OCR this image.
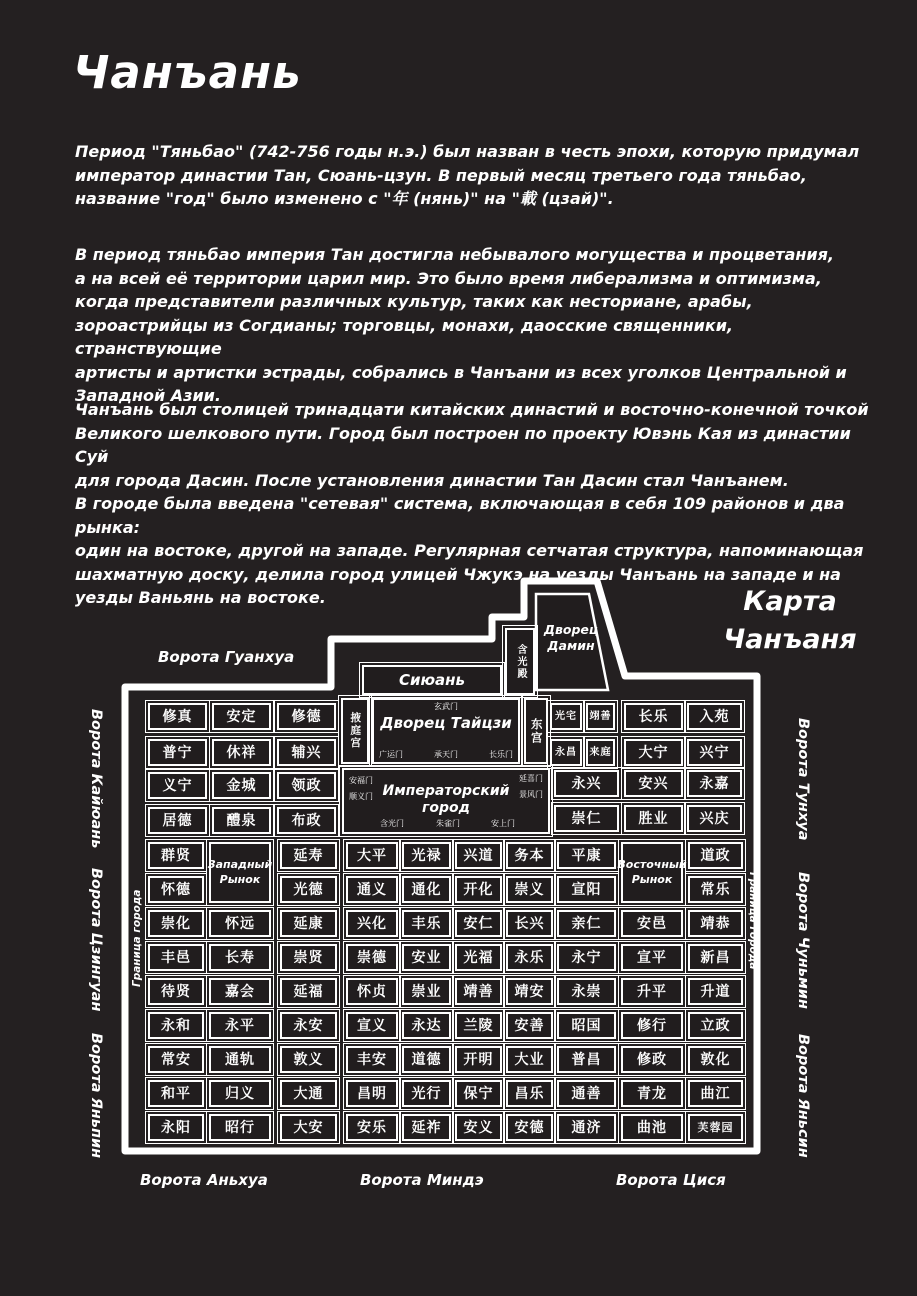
Чанъань
Период "Тяньбао" (742-756 годы н.э.) был назван в честь эпохи, которую придумал
император династии Тан, Сюань-цзун. В первый месяц третьего года тяньбао,
название "год" было изменено с "年 (нянь)" на "載 (цзай)".
В период тяньбао империя Тан достигла небывалого могущества и процветания,
а на всей её территории царил мир. Это было время либерализма и оптимизма,
когда представители различных культур, таких как несториане, арабы,
зороастрийцы из Согдианы; торговцы, монахи, даосские священники, странствующие
артисты и артистки эстрады, собрались в Чанъани из всех уголков Центральной и
Западной Азии.
Чанъань был столицей тринадцати китайских династий и восточно-конечной точкой
Великого шелкового пути. Город был построен по проекту Ювэнь Кая из династии Суй
для города Дасин. После установления династии Тан Дасин стал Чанъанем.
В городе была введена "сетевая" система, включающая в себя 109 районов и два рынка:
один на востоке, другой на западе. Регулярная сетчатая структура, напоминающая
шахматную доску, делила город улицей Чжукэ на уезды Чанъань на западе и на
уезды Ваньянь на востоке.	Карта
Чанъаня
Ворота Гуанхуа
Ворота Кайюань
Ворота Цзингуан
Ворота Яньпин
Ворота Тунхуа
Ворота Чуньмин
Ворота Яньсин
Ворота Аньхуа	Ворота Миндэ	Ворота Цися
Граница города	Граница города
Дворец
Дамин
含光殿
Сиюань
掖庭宫
玄武门
Дворец Тайцзи
广运门	承天门	长乐门
东宫
安福门
顺义门
延喜门
景风门
Императорский
город
含光门	朱雀门	安上门
Западный
Рынок
Восточный
Рынок
修真	安定	修德
普宁	休祥	辅兴
义宁	金城	领政
居德	醴泉	布政
光宅	翊善	长乐	入苑
永昌	来庭	大宁	兴宁
永兴	安兴	永嘉
崇仁	胜业	兴庆
群贤	延寿	大平	光禄	兴道	务本	平康	道政
怀德	光德	通义	通化	开化	崇义	宣阳	常乐
崇化	怀远	延康	兴化	丰乐	安仁	长兴	亲仁	安邑	靖恭
丰邑	长寿	崇贤	崇德	安业	光福	永乐	永宁	宣平	新昌
待贤	嘉会	延福	怀贞	崇业	靖善	靖安	永崇	升平	升道
永和	永平	永安	宣义	永达	兰陵	安善	昭国	修行	立政
常安	通轨	敦义	丰安	道德	开明	大业	普昌	修政	敦化
和平	归义	大通	昌明	光行	保宁	昌乐	通善	青龙	曲江
永阳	昭行	大安	安乐	延祚	安义	安德	通济	曲池	芙蓉园
